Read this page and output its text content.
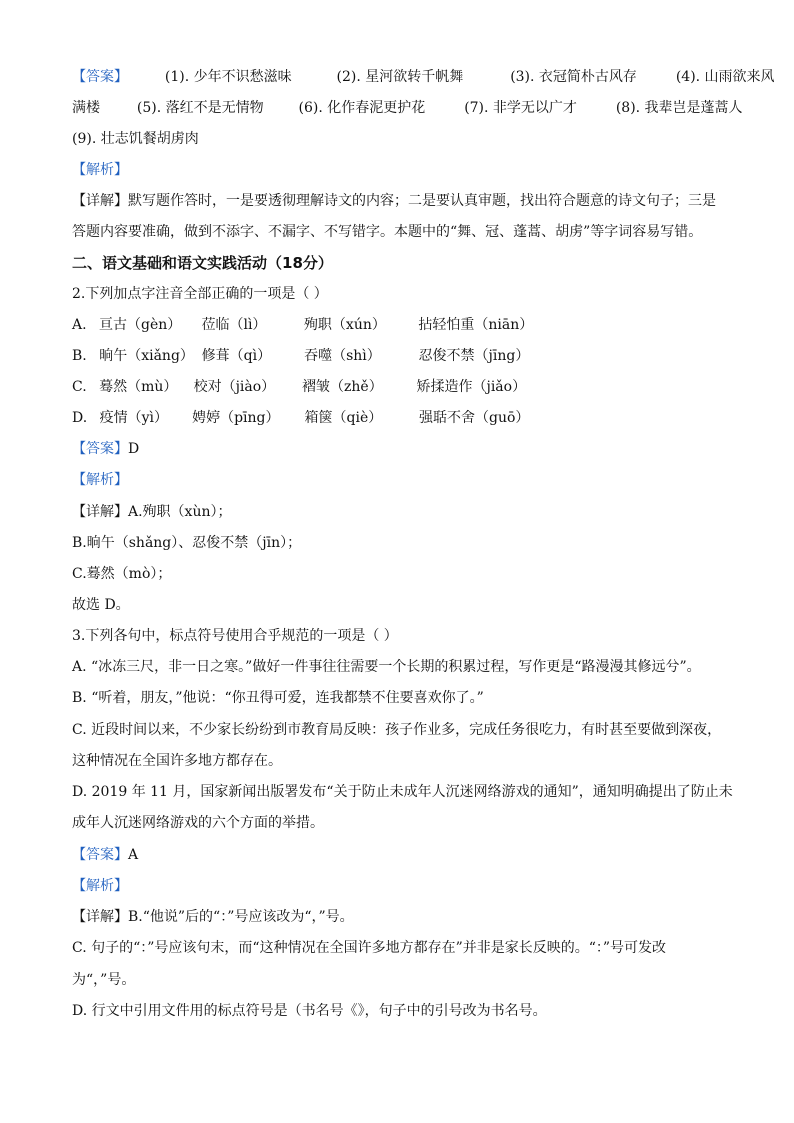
【答案】	(1). 少年不识愁滋味	(2). 星河欲转千帆舞	(3). 衣冠简朴古风存	(4). 山雨欲来风
满楼	(5). 落红不是无情物 (6). 化作春泥更护花	(7). 非学无以广才	(8). 我辈岂是蓬蒿人
(9). 壮志饥餐胡虏肉
【解析】
【详解】默写题作答时，一是要透彻理解诗文的内容；二是要认真审题，找出符合题意的诗文句子；三是
答题内容要准确，做到不添字、不漏字、不写错字。本题中的“舞、冠、蓬蒿、胡虏”等字词容易写错。
二、语文基础和语文实践活动（18分）
2.下列加点字注音全部正确的一项是（ ）
A. 亘古（gèn） 莅临（lì）	殉职（xún） 拈轻怕重（niān）
B. 晌午（xiǎng） 修葺（qì） 吞噬（shì）	忍俊不禁（jīng）
C. 蓦然（mù） 校对（jiào） 褶皱（zhě） 矫揉造作（jiǎo）
D. 疫情（yì） 娉婷（pīng） 箱箧（qiè）	强聒不舍（guō）
【答案】D
【解析】
【详解】A.殉职（xùn）；
B.晌午（shǎng）、忍俊不禁（jīn）；
C.蓦然（mò）；
故选 D。
3.下列各句中，标点符号使用合乎规范的一项是（ ）
A. “冰冻三尺，非一日之寒。”做好一件事往往需要一个长期的积累过程，写作更是“路漫漫其修远兮”。
B. “听着，朋友，”他说：“你丑得可爱，连我都禁不住要喜欢你了。”
C. 近段时间以来，不少家长纷纷到市教育局反映：孩子作业多，完成任务很吃力，有时甚至要做到深夜，
这种情况在全国许多地方都存在。
D. 2019 年 11 月，国家新闻出版署发布“关于防止未成年人沉迷网络游戏的通知”，通知明确提出了防止未
成年人沉迷网络游戏的六个方面的举措。
【答案】A
【解析】
【详解】B.“他说”后的“：”号应该改为“，”号。
C. 句子的“：”号应该句末，而“这种情况在全国许多地方都存在”并非是家长反映的。“：”号可发改
为“，”号。
D. 行文中引用文件用的标点符号是（书名号《》，句子中的引号改为书名号。
